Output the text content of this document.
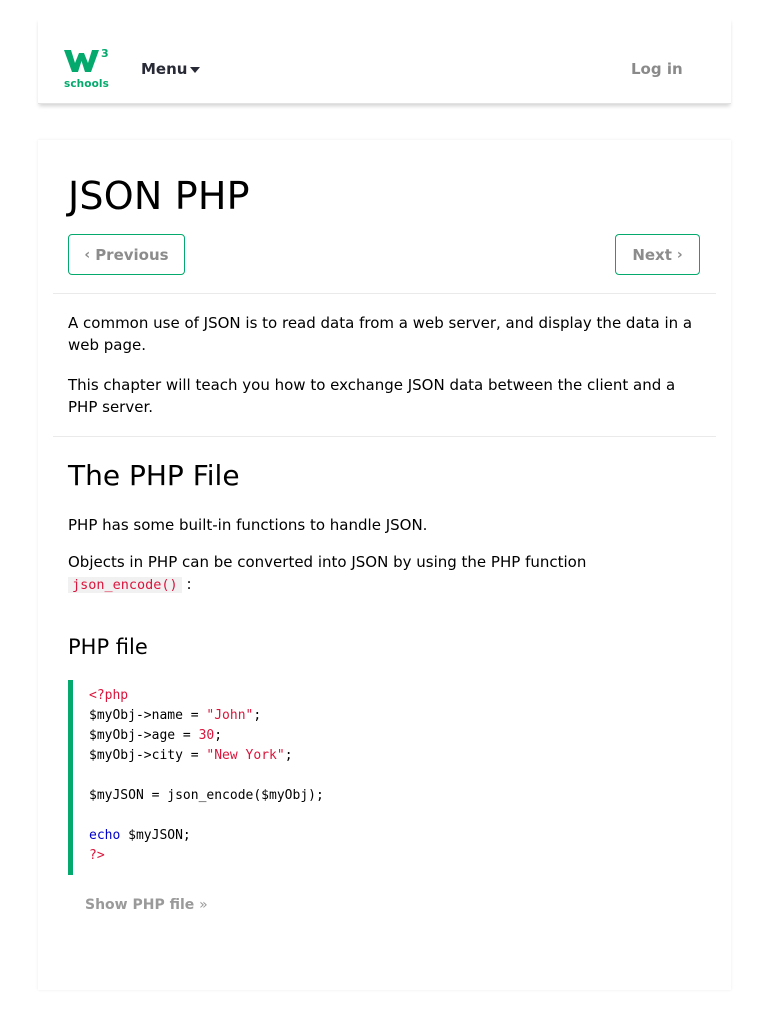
3
schools
Menu	Log in
JSON PHP
‹ Previous	Next ›

A common use of JSON is to read data from a web server, and display the data in a web page.

This chapter will teach you how to exchange JSON data between the client and a PHP server.

The PHP File

PHP has some built-in functions to handle JSON.

Objects in PHP can be converted into JSON by using the PHP function json_encode() :

PHP file
<?php
$myObj->name = "John";
$myObj->age = 30;
$myObj->city = "New York";

$myJSON = json_encode($myObj);

echo $myJSON;
?>
Show PHP file »
